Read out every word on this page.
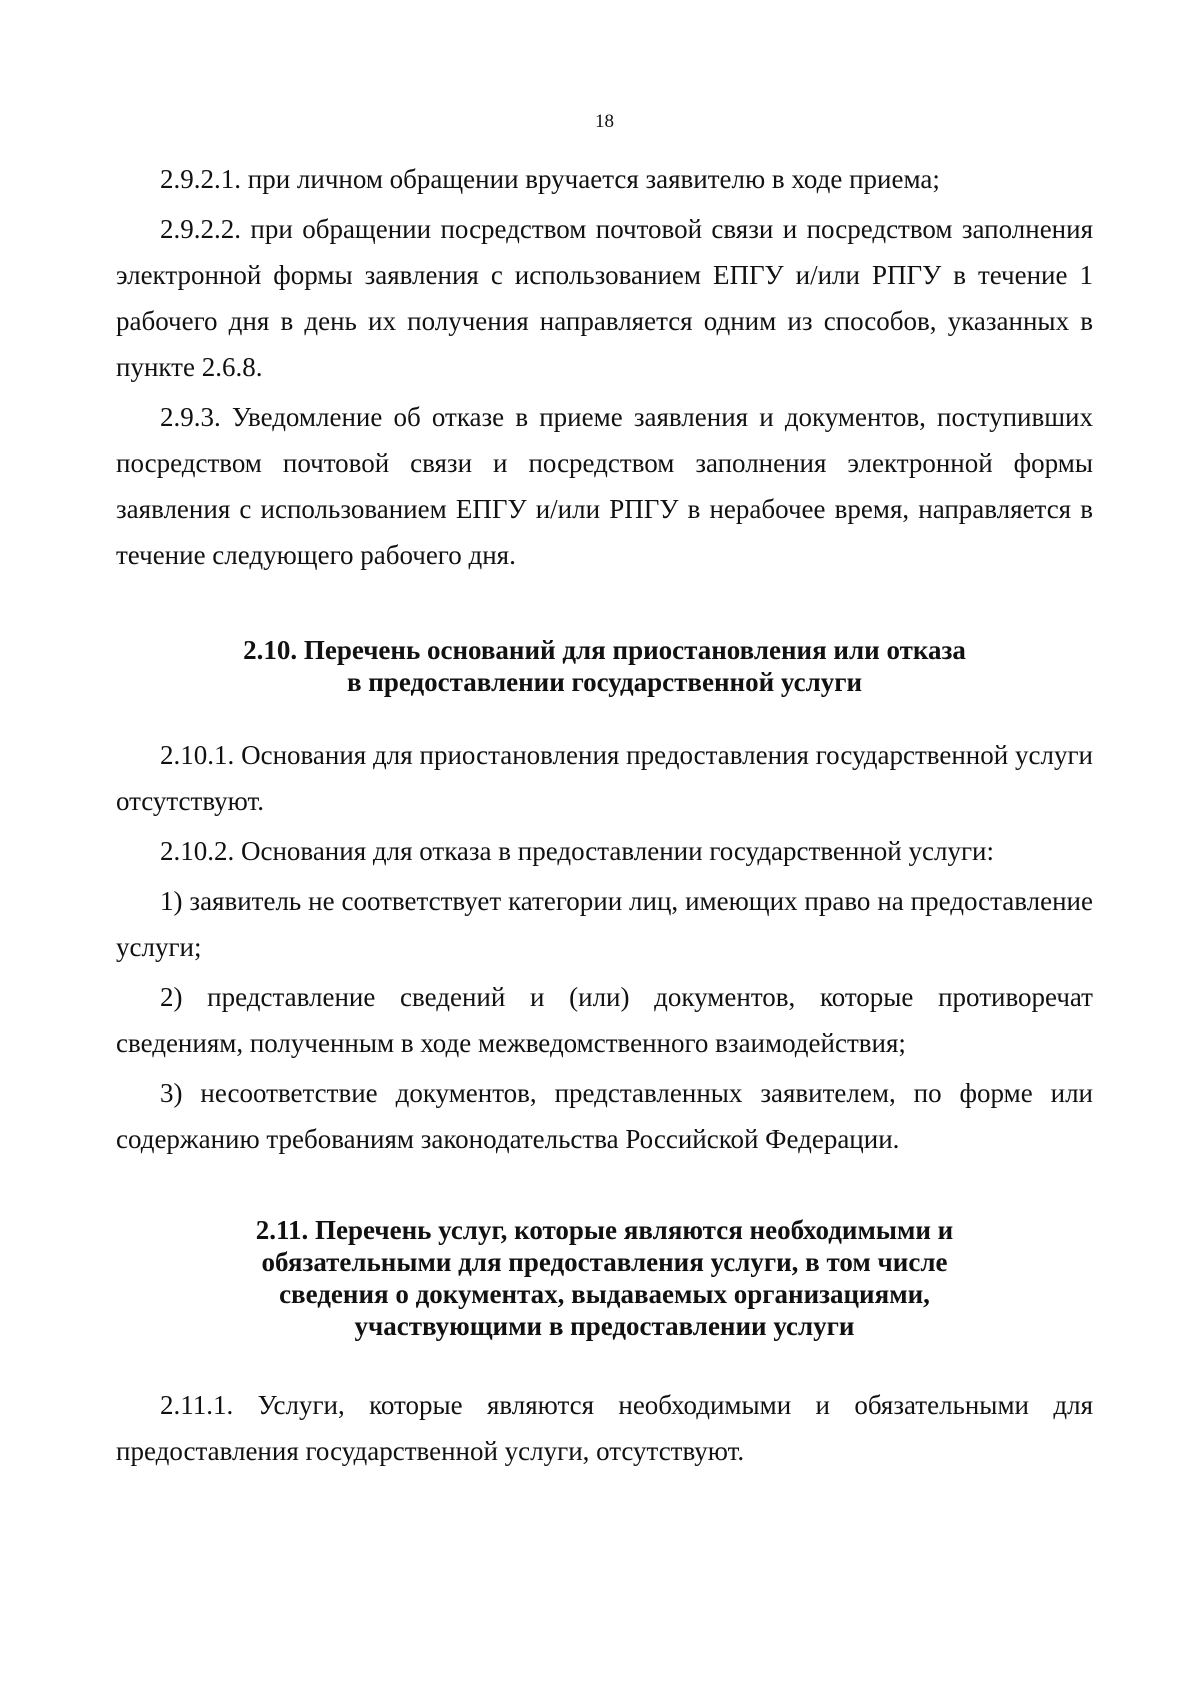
18

2.9.2.1. при личном обращении вручается заявителю в ходе приема;

2.9.2.2. при обращении посредством почтовой связи и посредством заполнения электронной формы заявления с использованием ЕПГУ и/или РПГУ в течение 1 рабочего дня в день их получения направляется одним из способов, указанных в пункте 2.6.8.

2.9.3. Уведомление об отказе в приеме заявления и документов, поступивших посредством почтовой связи и посредством заполнения электронной формы заявления с использованием ЕПГУ и/или РПГУ в нерабочее время, направляется в течение следующего рабочего дня.

2.10. Перечень оснований для приостановления или отказа
в предоставлении государственной услуги

2.10.1. Основания для приостановления предоставления государственной услуги отсутствуют.

2.10.2. Основания для отказа в предоставлении государственной услуги:

1) заявитель не соответствует категории лиц, имеющих право на предоставление услуги;

2) представление сведений и (или) документов, которые противоречат сведениям, полученным в ходе межведомственного взаимодействия;

3) несоответствие документов, представленных заявителем, по форме или содержанию требованиям законодательства Российской Федерации.

2.11. Перечень услуг, которые являются необходимыми и
обязательными для предоставления услуги, в том числе
сведения о документах, выдаваемых организациями,
участвующими в предоставлении услуги

2.11.1. Услуги, которые являются необходимыми и обязательными для предоставления государственной услуги, отсутствуют.
